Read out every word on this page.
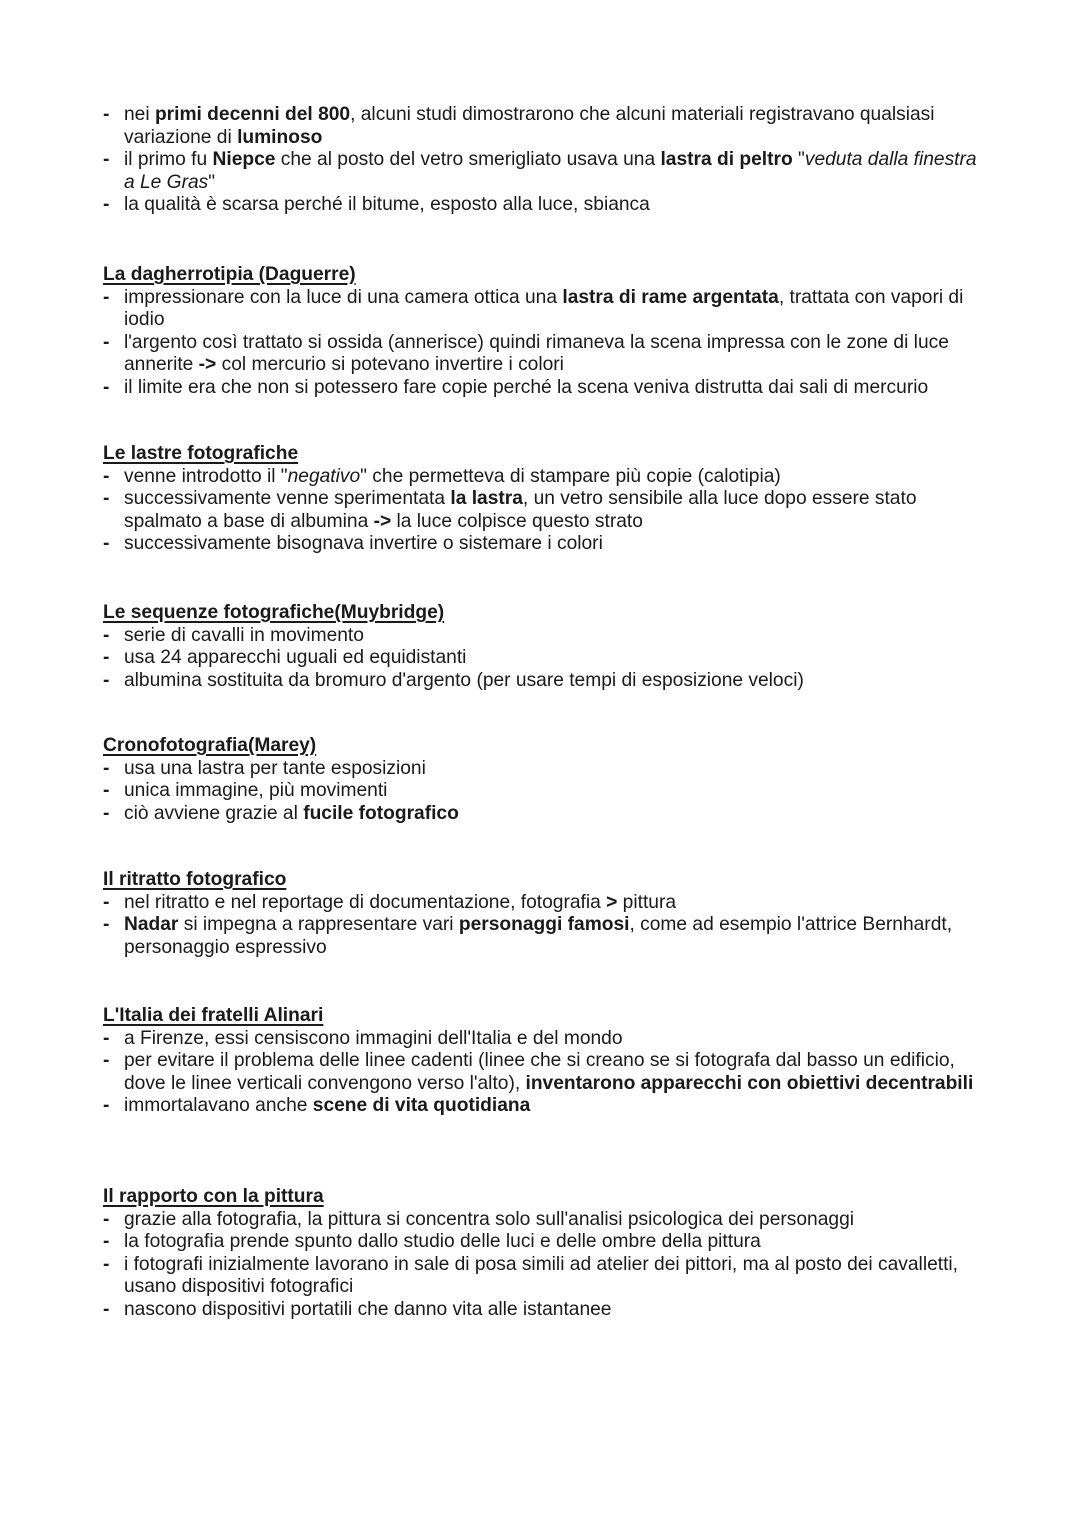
- nei primi decenni del 800, alcuni studi dimostrarono che alcuni materiali registravano qualsiasi variazione di luminoso
- il primo fu Niepce che al posto del vetro smerigliato usava una lastra di peltro "veduta dalla finestra a Le Gras"
- la qualità è scarsa perché il bitume, esposto alla luce, sbianca
La dagherrotipia (Daguerre)
- impressionare con la luce di una camera ottica una lastra di rame argentata, trattata con vapori di iodio
- l'argento così trattato si ossida (annerisce) quindi rimaneva la scena impressa con le zone di luce annerite -> col mercurio si potevano invertire i colori
- il limite era che non si potessero fare copie perché la scena veniva distrutta dai sali di mercurio
Le lastre fotografiche
- venne introdotto il "negativo" che permetteva di stampare più copie (calotipia)
- successivamente venne sperimentata la lastra, un vetro sensibile alla luce dopo essere stato spalmato a base di albumina -> la luce colpisce questo strato
- successivamente bisognava invertire o sistemare i colori
Le sequenze fotografiche(Muybridge)
- serie di cavalli in movimento
- usa 24 apparecchi uguali ed equidistanti
- albumina sostituita da bromuro d'argento (per usare tempi di esposizione veloci)
Cronofotografia(Marey)
- usa una lastra per tante esposizioni
- unica immagine, più movimenti
- ciò avviene grazie al fucile fotografico
Il ritratto fotografico
- nel ritratto e nel reportage di documentazione, fotografia > pittura
- Nadar si impegna a rappresentare vari personaggi famosi, come ad esempio l'attrice Bernhardt, personaggio espressivo
L'Italia dei fratelli Alinari
- a Firenze, essi censiscono immagini dell'Italia e del mondo
- per evitare il problema delle linee cadenti (linee che si creano se si fotografa dal basso un edificio, dove le linee verticali convengono verso l'alto), inventarono apparecchi con obiettivi decentrabili
- immortalavano anche scene di vita quotidiana
Il rapporto con la pittura
- grazie alla fotografia, la pittura si concentra solo sull'analisi psicologica dei personaggi
- la fotografia prende spunto dallo studio delle luci e delle ombre della pittura
- i fotografi inizialmente lavorano in sale di posa simili ad atelier dei pittori, ma al posto dei cavalletti, usano dispositivi fotografici
- nascono dispositivi portatili che danno vita alle istantanee
